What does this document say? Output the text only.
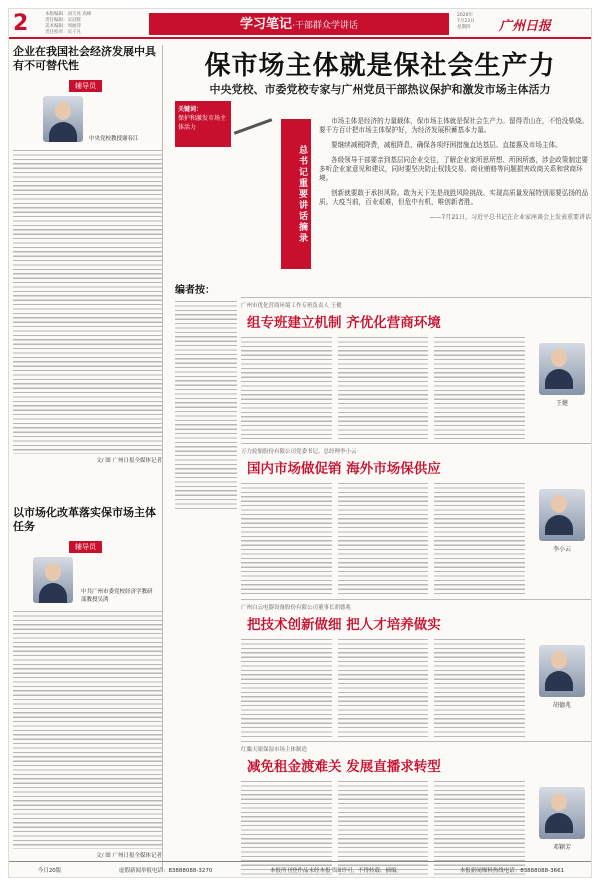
2	本版编辑：刘天亮 高峰
责任编辑：吴冠辉
美术编辑：周丽萍
责任校对：吴子凡
学习笔记·干部群众学讲话
2020年
7月23日
星期四	广州日报
企业在我国社会经济发展中具有不可替代性
辅导员
中央党校教授谢春江
文/ 图 广州日报全媒体记者
以市场化改革落实保市场主体任务
辅导员
中共广州市委党校经济学教研部教授吴鸿
文/ 图 广州日报全媒体记者
保市场主体就是保社会生产力
中央党校、市委党校专家与广州党员干部热议保护和激发市场主体活力
关键词：
保护和激发市场主体活力
总书记重要讲话摘录

市场主体是经济的力量载体，保市场主体就是保社会生产力。留得青山在，不怕没柴烧。要千方百计把市场主体保护好，为经济发展积蓄基本力量。

要继续减税降费，减租降息，确保各项纾困措施直达基层、直接惠及市场主体。

各级领导干部要亲到基层同企业交往，了解企业家所思所想、所困所惑，涉企政策制定要多听企业家意见和建议，同时要坚决防止权钱交易、商业贿赂等问题损害政商关系和营商环境。

创新就要敢于承担风险。敢为天下先是战胜风险挑战、实现高质量发展特别需要弘扬的品质。大疫当前，百业艰难，但危中有机，唯创新者胜。

——7月21日，习近平总书记在企业家座谈会上发表重要讲话
编者按：
广州市优化营商环境工作专班负责人 王健
组专班建立机制 齐优化营商环境
王健
万力轮胎股份有限公司党委书记、总经理李小云
国内市场做促销 海外市场保供应
李小云
广州白云电器设备股份有限公司董事长胡德兆
把技术创新做细 把人才培养做实
胡德兆
红麋天眼保湿市场主体制造
减免租金渡难关 发展直播求转型
邓颖芳
今日20版	虚假新闻举报电话：83888088-3270	本报所刊登作品未经本报书面许可，不得转载、摘编。	本报新闻爆料热线电话：83888088-3661
